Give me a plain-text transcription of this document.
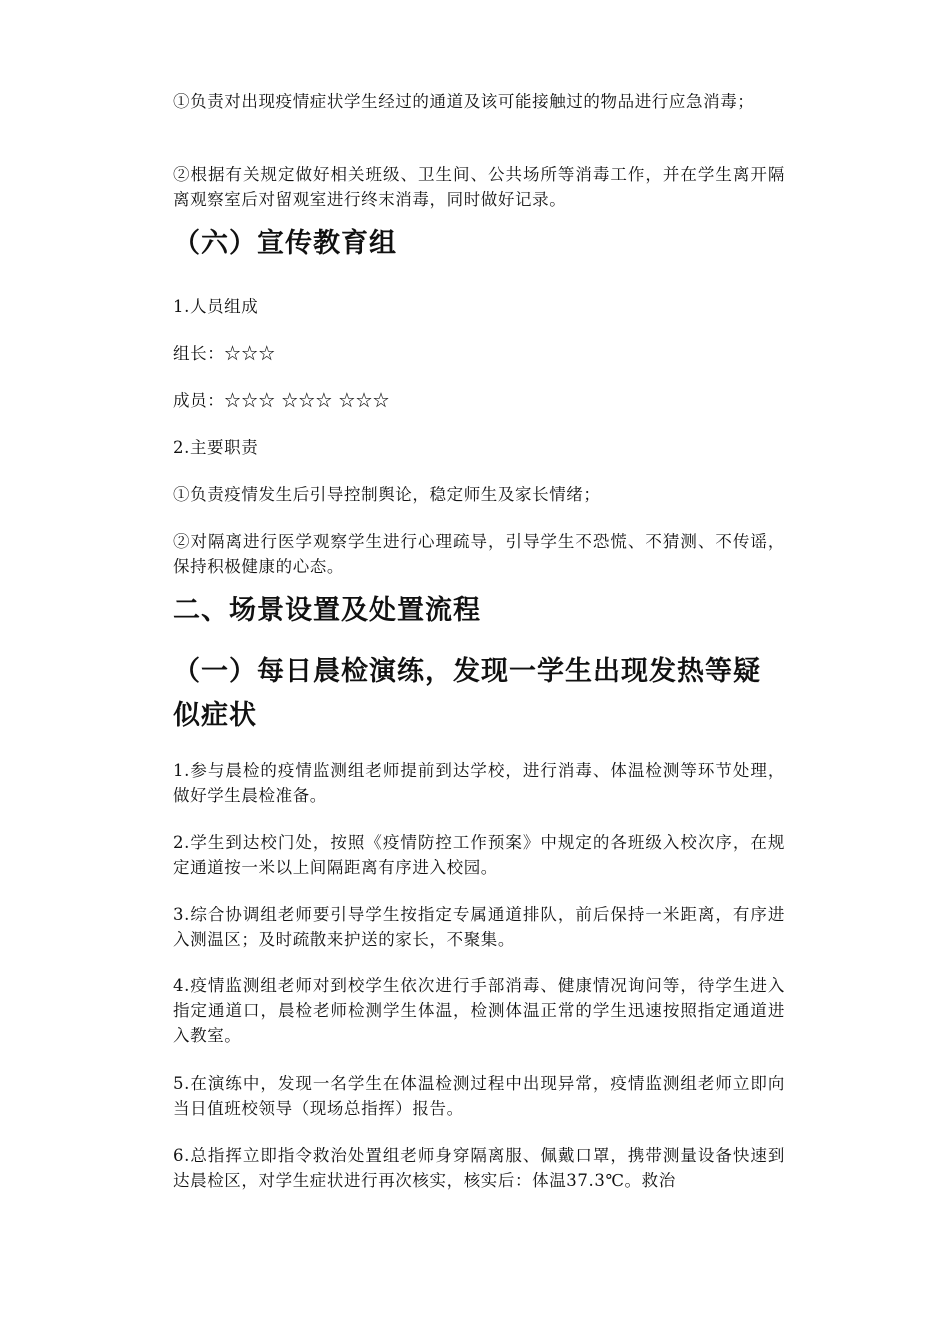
①负责对出现疫情症状学生经过的通道及该可能接触过的物品进行应急消毒；

②根据有关规定做好相关班级、卫生间、公共场所等消毒工作，并在学生离开隔离观察室后对留观室进行终末消毒，同时做好记录。

（六）宣传教育组

1.人员组成

组长：☆☆☆

成员：☆☆☆ ☆☆☆ ☆☆☆

2.主要职责

①负责疫情发生后引导控制舆论，稳定师生及家长情绪；

②对隔离进行医学观察学生进行心理疏导，引导学生不恐慌、不猜测、不传谣，保持积极健康的心态。

二、场景设置及处置流程
（一）每日晨检演练，发现一学生出现发热等疑似症状

1.参与晨检的疫情监测组老师提前到达学校，进行消毒、体温检测等环节处理，做好学生晨检准备。

2.学生到达校门处，按照《疫情防控工作预案》中规定的各班级入校次序，在规定通道按一米以上间隔距离有序进入校园。

3.综合协调组老师要引导学生按指定专属通道排队，前后保持一米距离，有序进入测温区；及时疏散来护送的家长，不聚集。

4.疫情监测组老师对到校学生依次进行手部消毒、健康情况询问等，待学生进入指定通道口，晨检老师检测学生体温，检测体温正常的学生迅速按照指定通道进入教室。

5.在演练中，发现一名学生在体温检测过程中出现异常，疫情监测组老师立即向当日值班校领导（现场总指挥）报告。

6.总指挥立即指令救治处置组老师身穿隔离服、佩戴口罩，携带测量设备快速到达晨检区，对学生症状进行再次核实，核实后：体温37.3℃。救治
